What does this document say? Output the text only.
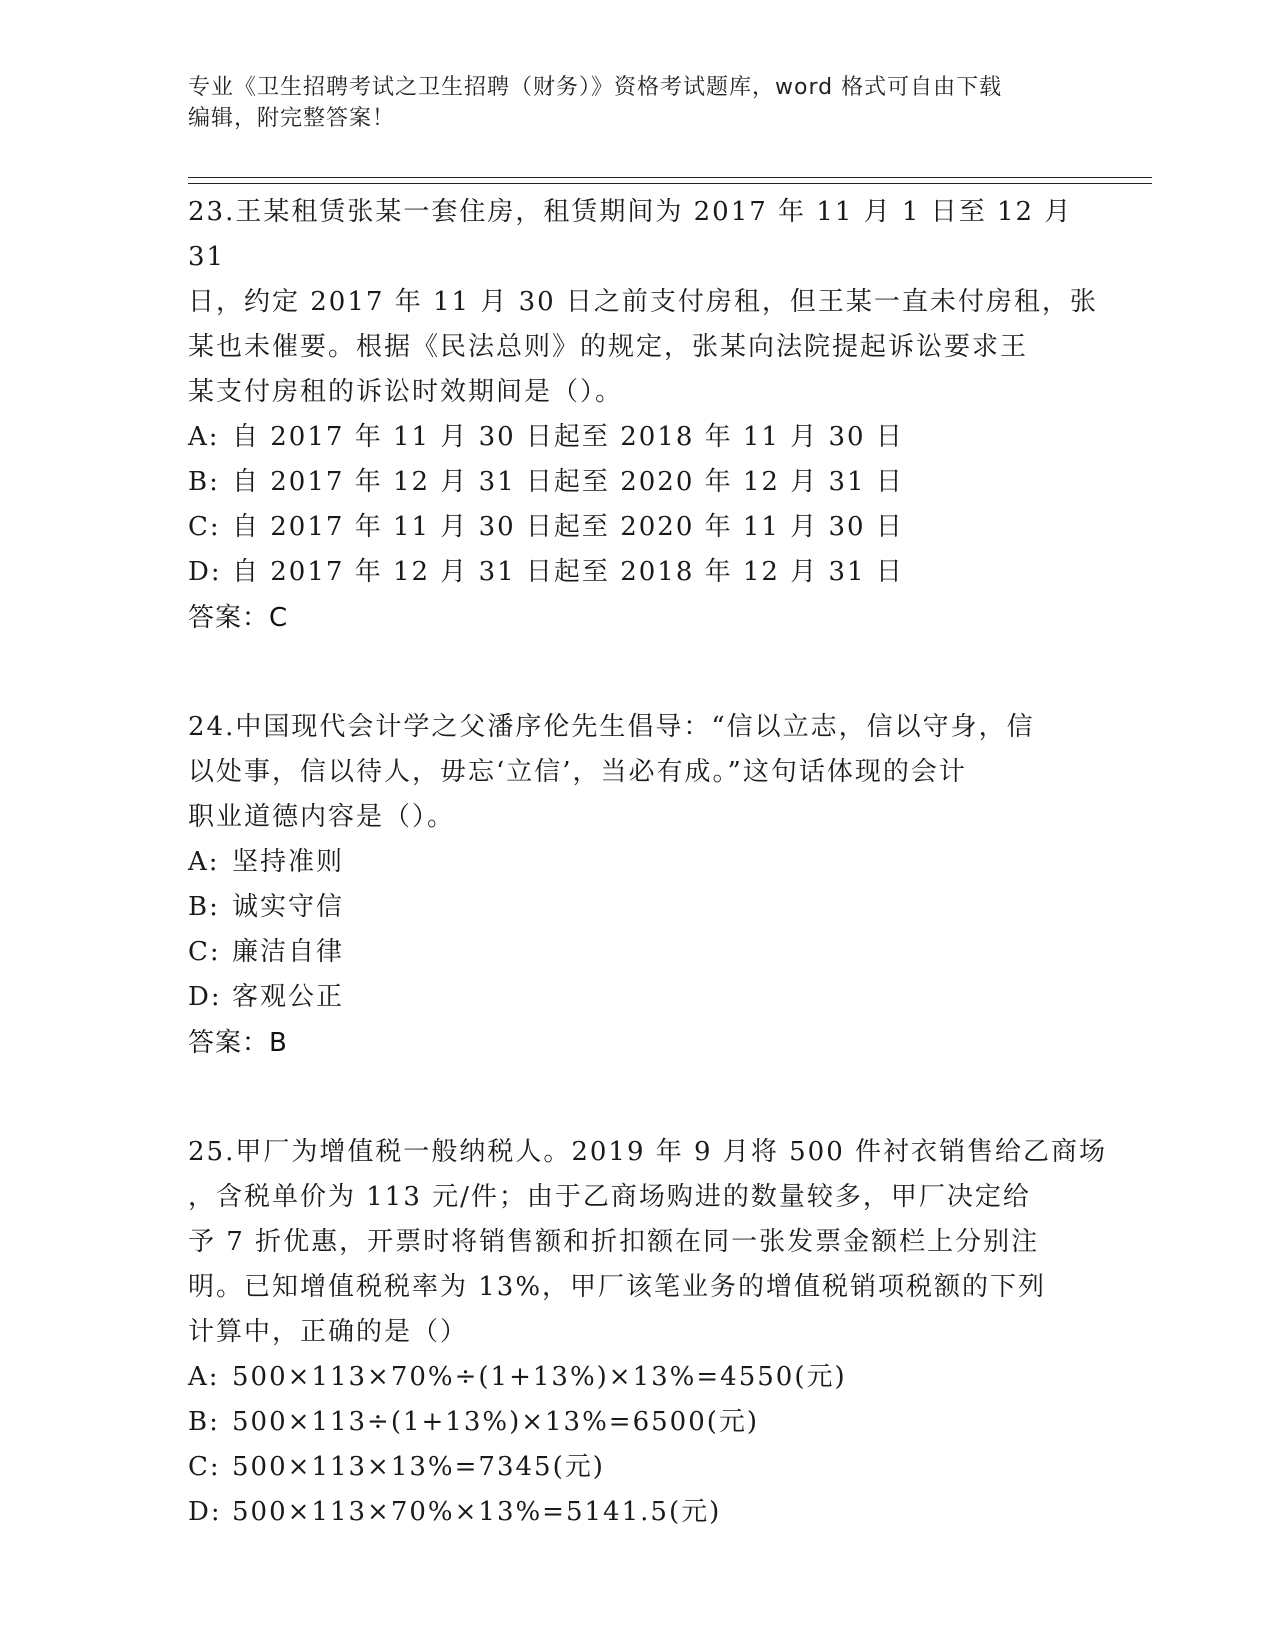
专业《卫生招聘考试之卫生招聘（财务）》资格考试题库，word 格式可自由下载
编辑，附完整答案！
23.王某租赁张某一套住房，租赁期间为 2017 年 11 月 1 日至 12 月 31
日，约定 2017 年 11 月 30 日之前支付房租，但王某一直未付房租，张
某也未催要。根据《民法总则》的规定，张某向法院提起诉讼要求王
某支付房租的诉讼时效期间是（）。
A: 自 2017 年 11 月 30 日起至 2018 年 11 月 30 日
B: 自 2017 年 12 月 31 日起至 2020 年 12 月 31 日
C: 自 2017 年 11 月 30 日起至 2020 年 11 月 30 日
D: 自 2017 年 12 月 31 日起至 2018 年 12 月 31 日
答案：C
24.中国现代会计学之父潘序伦先生倡导：“信以立志，信以守身，信
以处事，信以待人，毋忘‘立信’，当必有成。”这句话体现的会计
职业道德内容是（）。
A: 坚持准则
B: 诚实守信
C: 廉洁自律
D: 客观公正
答案：B
25.甲厂为增值税一般纳税人。2019 年 9 月将 500 件衬衣销售给乙商场
，含税单价为 113 元/件；由于乙商场购进的数量较多，甲厂决定给
予 7 折优惠，开票时将销售额和折扣额在同一张发票金额栏上分别注
明。已知增值税税率为 13%，甲厂该笔业务的增值税销项税额的下列
计算中，正确的是（）
A: 500×113×70%÷(1+13%)×13%=4550(元)
B: 500×113÷(1+13%)×13%=6500(元)
C: 500×113×13%=7345(元)
D: 500×113×70%×13%=5141.5(元)
